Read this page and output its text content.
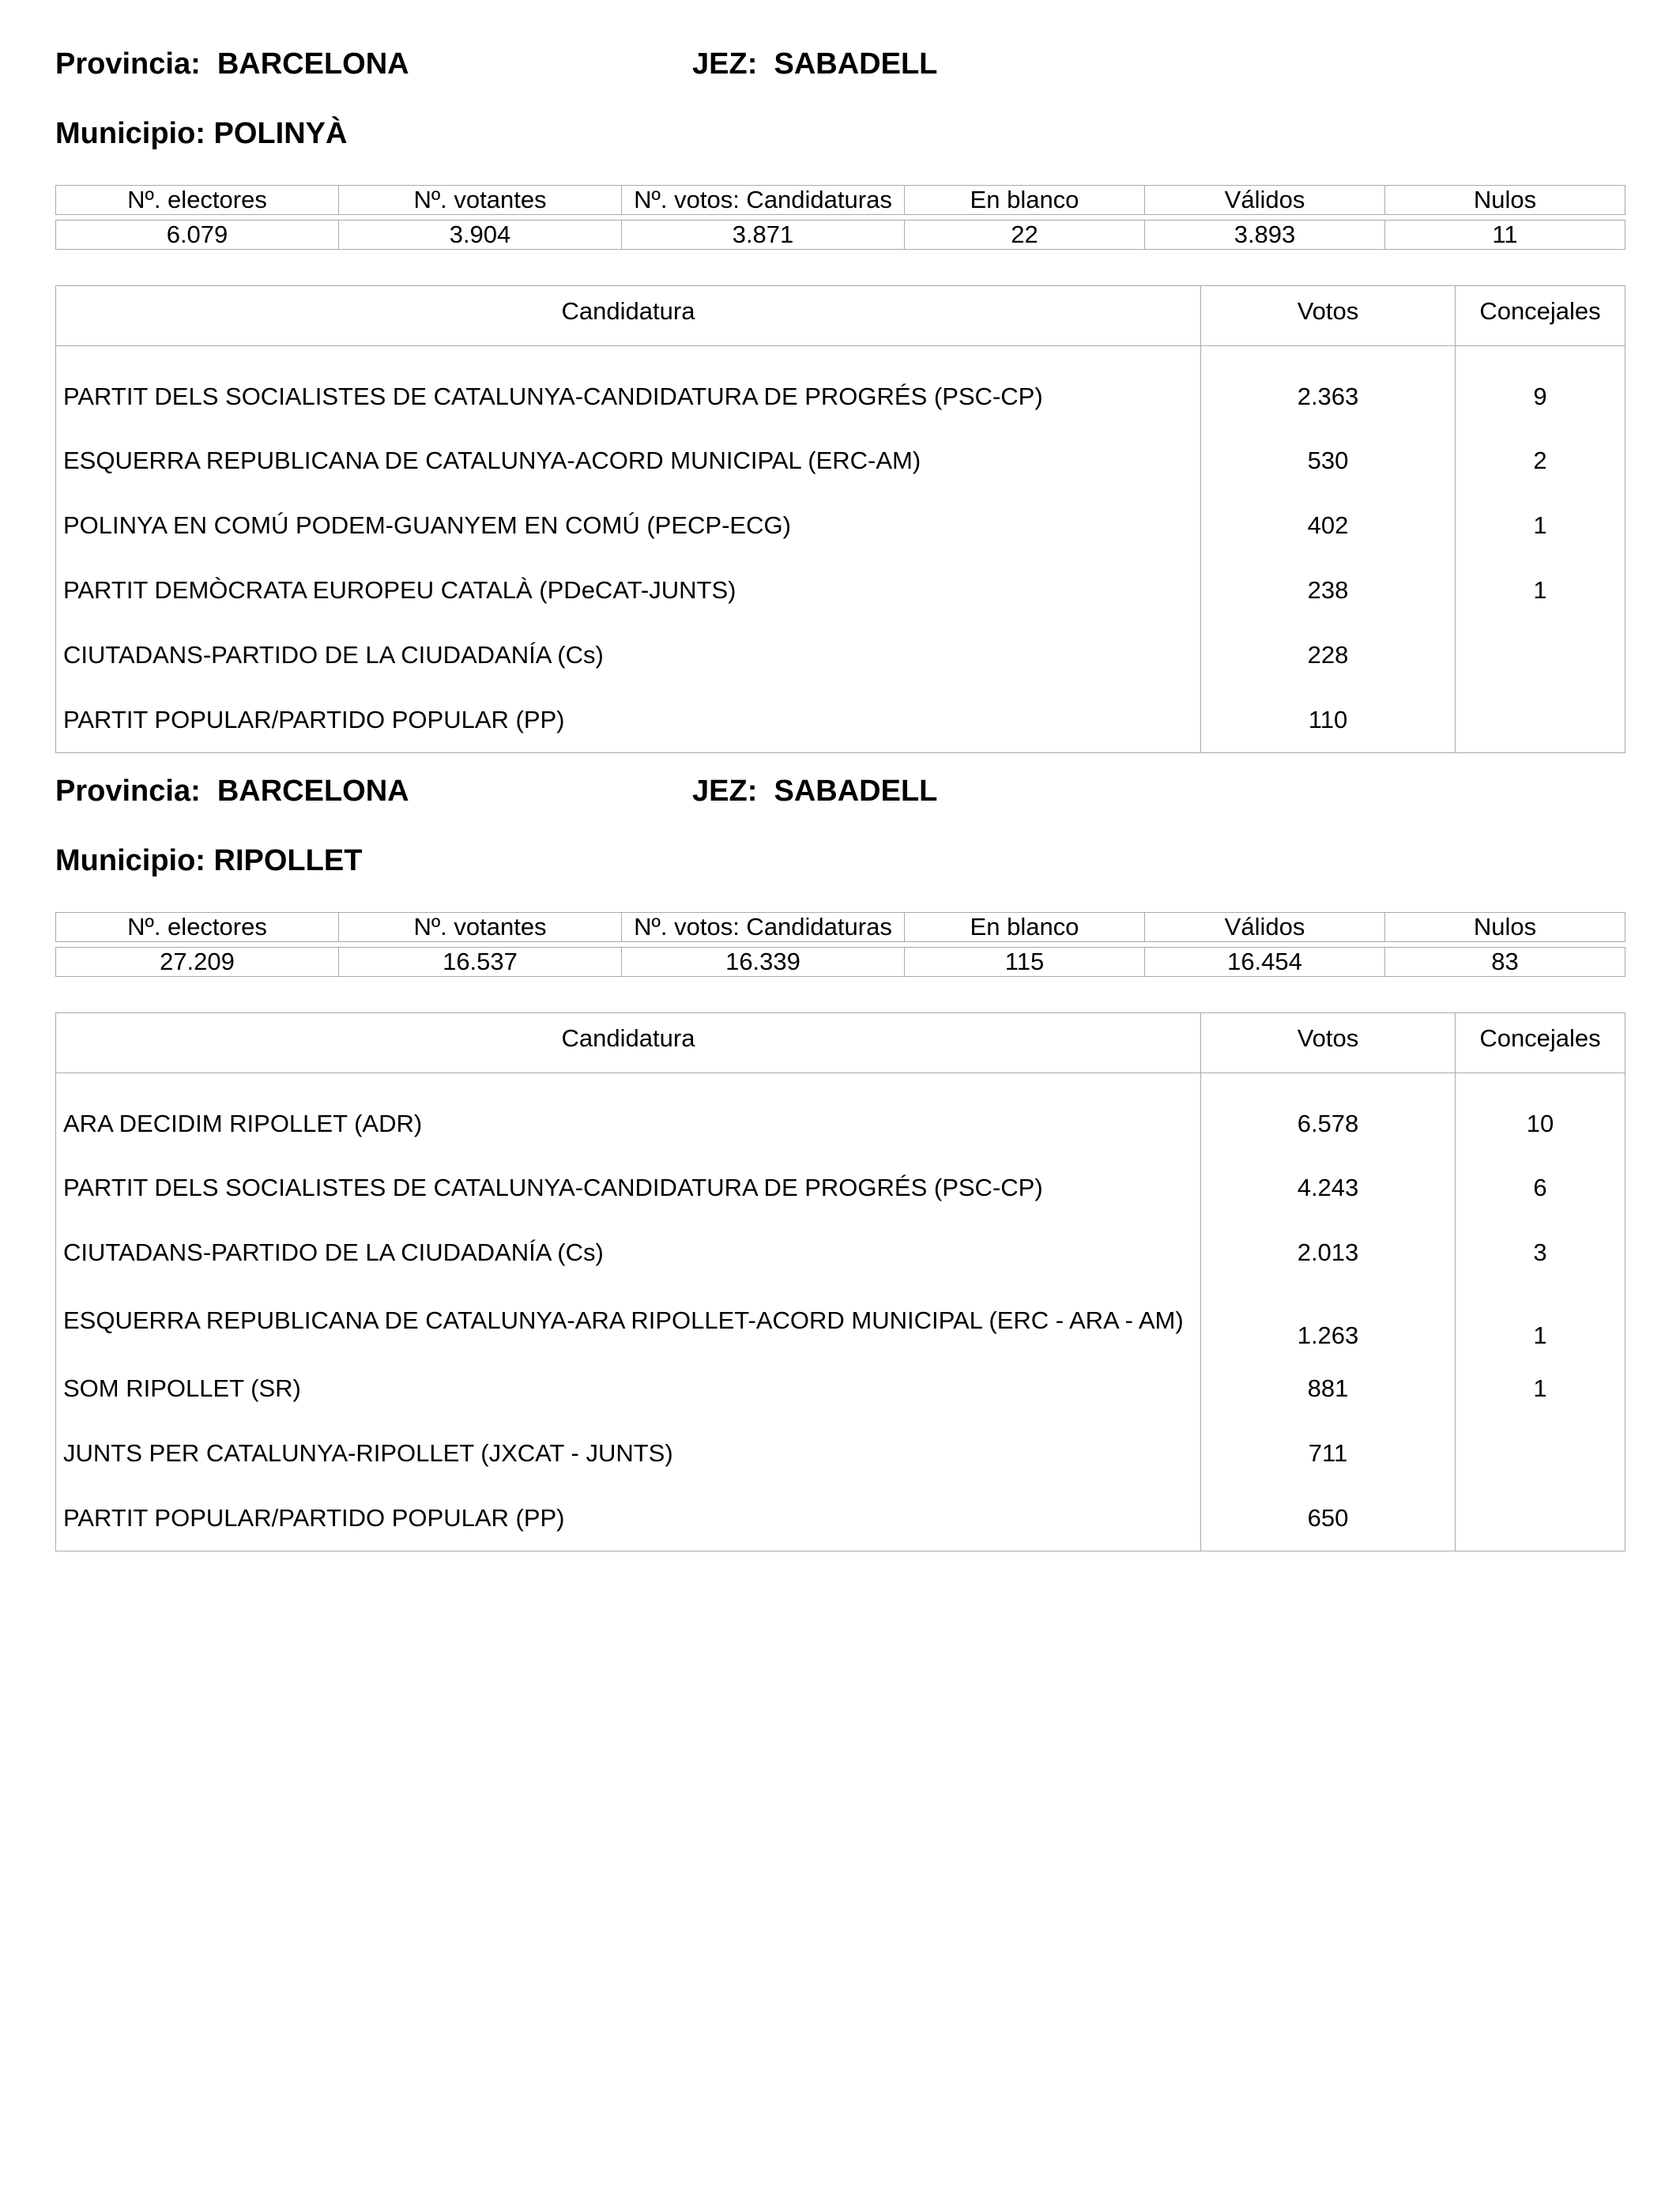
Provincia: BARCELONA	JEZ: SABADELL
Municipio: POLINYÀ
Nº. electores	Nº. votantes	Nº. votos: Candidaturas	En blanco	Válidos	Nulos

6.079	3.904	3.871	22	3.893	11
Candidatura	Votos	Concejales
PARTIT DELS SOCIALISTES DE CATALUNYA-CANDIDATURA DE PROGRÉS (PSC-CP)	2.363	9
ESQUERRA REPUBLICANA DE CATALUNYA-ACORD MUNICIPAL (ERC-AM)	530	2
POLINYA EN COMÚ PODEM-GUANYEM EN COMÚ (PECP-ECG)	402	1
PARTIT DEMÒCRATA EUROPEU CATALÀ (PDeCAT-JUNTS)	238	1
CIUTADANS-PARTIDO DE LA CIUDADANÍA (Cs)	228	
PARTIT POPULAR/PARTIDO POPULAR (PP)	110	
Provincia: BARCELONA	JEZ: SABADELL
Municipio: RIPOLLET
Nº. electores	Nº. votantes	Nº. votos: Candidaturas	En blanco	Válidos	Nulos

27.209	16.537	16.339	115	16.454	83
Candidatura	Votos	Concejales
ARA DECIDIM RIPOLLET (ADR)	6.578	10
PARTIT DELS SOCIALISTES DE CATALUNYA-CANDIDATURA DE PROGRÉS (PSC-CP)	4.243	6
CIUTADANS-PARTIDO DE LA CIUDADANÍA (Cs)	2.013	3
ESQUERRA REPUBLICANA DE CATALUNYA-ARA RIPOLLET-ACORD MUNICIPAL (ERC - ARA - AM)	1.263	1
SOM RIPOLLET (SR)	881	1
JUNTS PER CATALUNYA-RIPOLLET (JXCAT - JUNTS)	711	
PARTIT POPULAR/PARTIDO POPULAR (PP)	650	
